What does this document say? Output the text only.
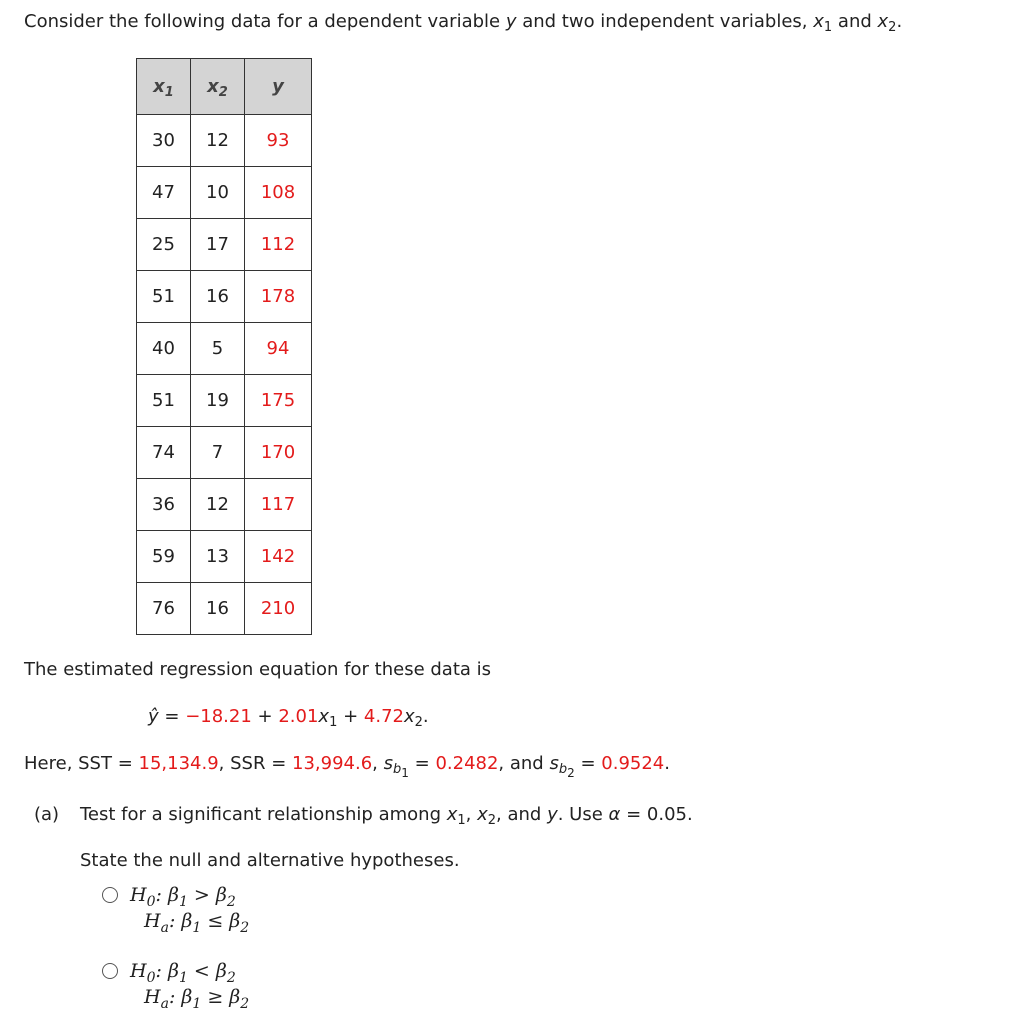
Consider the following data for a dependent variable y and two independent variables, $x_1$ and $x_2$.
$x_1$	$x_2$	y
30	12	93
47	10	108
25	17	112
51	16	178
40	5	94
51	19	175
74	7	170
36	12	117
59	13	142
76	16	210
The estimated regression equation for these data is
ŷ = $-18.21 + 2.01x_1 + 4.72x_2$.
Here, SST = 15,134.9, SSR = 13,994.6, $s_{b1} = 0.2482$, and $s_{b2} = 0.9524$.
(a) Test for a significant relationship among $x_1$, $x_2$, and y. Use α = 0.05.
State the null and alternative hypotheses.
$H_0$: $\beta_1 > \beta_2$
$H_a$: $\beta_1 \le \beta_2$
$H_0$: $\beta_1 < \beta_2$
$H_a$: $\beta_1 \ge \beta_2$
